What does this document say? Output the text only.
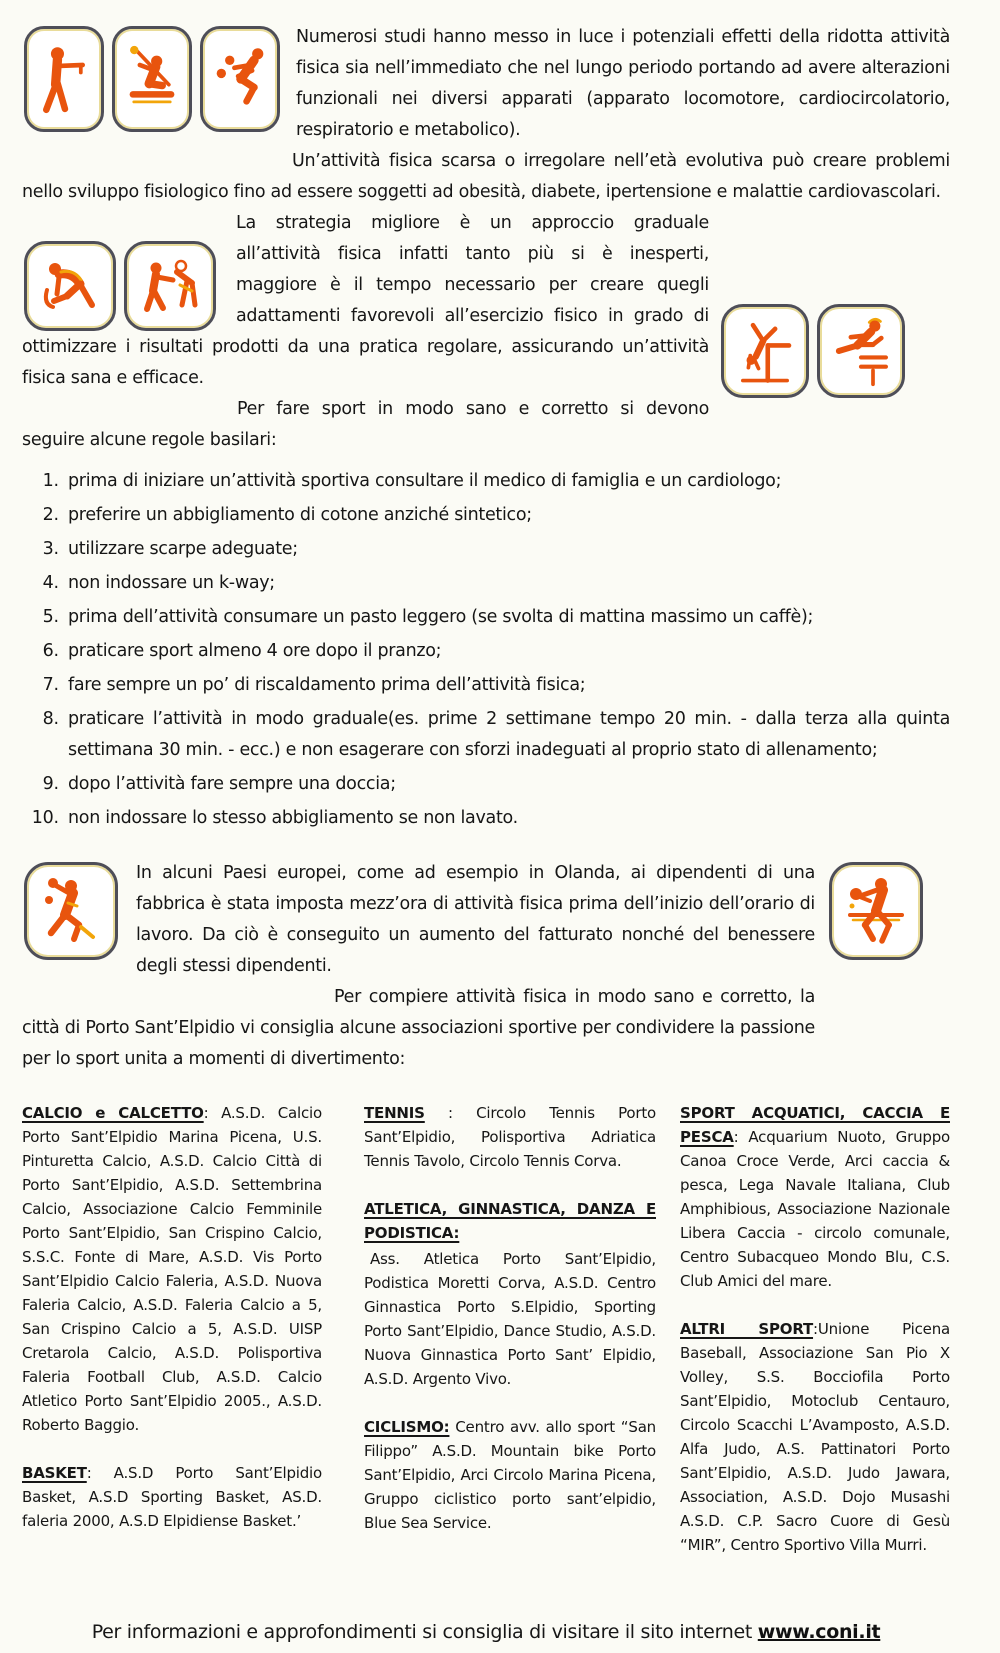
Numerosi studi hanno messo in luce i potenziali effetti della ridotta attività fisica sia nell’immediato che nel lungo periodo portando ad avere alterazioni funzionali nei diversi apparati (apparato locomotore, cardiocircolatorio, respiratorio e metabolico).

Un’attività fisica scarsa o irregolare nell’età evolutiva può creare problemi nello sviluppo fisiologico fino ad essere soggetti ad obesità, diabete, ipertensione e malattie cardiovascolari.

La strategia migliore è un approccio graduale all’attività fisica infatti tanto più si è inesperti, maggiore è il tempo necessario per creare quegli adattamenti favorevoli all’esercizio fisico in grado di ottimizzare i risultati prodotti da una pratica regolare, assicurando un’attività fisica sana e efficace.

Per fare sport in modo sano e corretto si devono seguire alcune regole basilari:

1. prima di iniziare un’attività sportiva consultare il medico di famiglia e un cardiologo;
2. preferire un abbigliamento di cotone anziché sintetico;
3. utilizzare scarpe adeguate;
4. non indossare un k-way;
5. prima dell’attività consumare un pasto leggero (se svolta di mattina massimo un caffè);
6. praticare sport almeno 4 ore dopo il pranzo;
7. fare sempre un po’ di riscaldamento prima dell’attività fisica;
8. praticare l’attività in modo graduale(es. prime 2 settimane tempo 20 min. - dalla terza alla quinta settimana 30 min. - ecc.) e non esagerare con sforzi inadeguati al proprio stato di allenamento;
9. dopo l’attività fare sempre una doccia;
10. non indossare lo stesso abbigliamento se non lavato.

In alcuni Paesi europei, come ad esempio in Olanda, ai dipendenti di una fabbrica è stata imposta mezz’ora di attività fisica prima dell’inizio dell’orario di lavoro. Da ciò è conseguito un aumento del fatturato nonché del benessere degli stessi dipendenti.

Per compiere attività fisica in modo sano e corretto, la città di Porto Sant’Elpidio vi consiglia alcune associazioni sportive per condividere la passione per lo sport unita a momenti di divertimento:

CALCIO e CALCETTO: A.S.D. Calcio Porto Sant’Elpidio Marina Picena, U.S. Pinturetta Calcio, A.S.D. Calcio Città di Porto Sant’Elpidio, A.S.D. Settembrina Calcio, Associazione Calcio Femminile Porto Sant’Elpidio, San Crispino Calcio, S.S.C. Fonte di Mare, A.S.D. Vis Porto Sant’Elpidio Calcio Faleria, A.S.D. Nuova Faleria Calcio, A.S.D. Faleria Calcio a 5, San Crispino Calcio a 5, A.S.D. UISP Cretarola Calcio, A.S.D. Polisportiva Faleria Football Club, A.S.D. Calcio Atletico Porto Sant’Elpidio 2005., A.S.D. Roberto Baggio.

BASKET: A.S.D Porto Sant’Elpidio Basket, A.S.D Sporting Basket, AS.D. faleria 2000, A.S.D Elpidiense Basket.’

TENNIS : Circolo Tennis Porto Sant’Elpidio, Polisportiva Adriatica Tennis Tavolo, Circolo Tennis Corva.

ATLETICA, GINNASTICA, DANZA E PODISTICA:

Ass. Atletica Porto Sant’Elpidio, Podistica Moretti Corva, A.S.D. Centro Ginnastica Porto S.Elpidio, Sporting Porto Sant’Elpidio, Dance Studio, A.S.D. Nuova Ginnastica Porto Sant’ Elpidio, A.S.D. Argento Vivo.

CICLISMO: Centro avv. allo sport “San Filippo” A.S.D. Mountain bike Porto Sant’Elpidio, Arci Circolo Marina Picena, Gruppo ciclistico porto sant’elpidio, Blue Sea Service.

SPORT ACQUATICI, CACCIA E PESCA: Acquarium Nuoto, Gruppo Canoa Croce Verde, Arci caccia & pesca, Lega Navale Italiana, Club Amphibious, Associazione Nazionale Libera Caccia - circolo comunale, Centro Subacqueo Mondo Blu, C.S. Club Amici del mare.

ALTRI SPORT:Unione Picena Baseball, Associazione San Pio X Volley, S.S. Bocciofila Porto Sant’Elpidio, Motoclub Centauro, Circolo Scacchi L’Avamposto, A.S.D. Alfa Judo, A.S. Pattinatori Porto Sant’Elpidio, A.S.D. Judo Jawara, Association, A.S.D. Dojo Musashi A.S.D. C.P. Sacro Cuore di Gesù “MIR”, Centro Sportivo Villa Murri.

Per informazioni e approfondimenti si consiglia di visitare il sito internet www.coni.it
